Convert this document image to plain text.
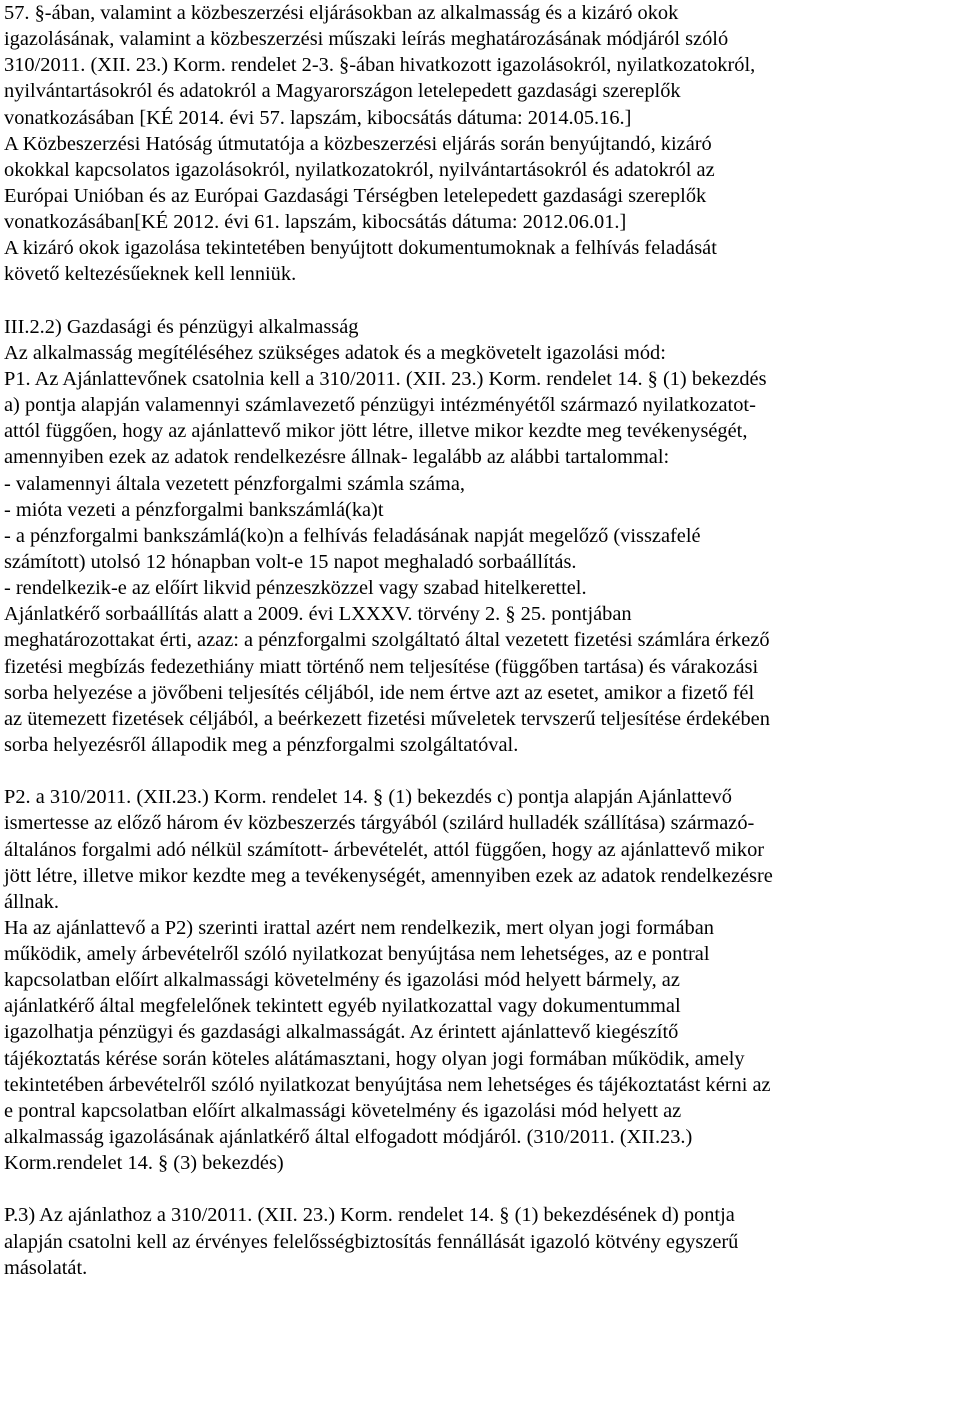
57. §-ában, valamint a közbeszerzési eljárásokban az alkalmasság és a kizáró okok
igazolásának, valamint a közbeszerzési műszaki leírás meghatározásának módjáról szóló
310/2011. (XII. 23.) Korm. rendelet 2-3. §-ában hivatkozott igazolásokról, nyilatkozatokról,
nyilvántartásokról és adatokról a Magyarországon letelepedett gazdasági szereplők
vonatkozásában [KÉ 2014. évi 57. lapszám, kibocsátás dátuma: 2014.05.16.]
A Közbeszerzési Hatóság útmutatója a közbeszerzési eljárás során benyújtandó, kizáró
okokkal kapcsolatos igazolásokról, nyilatkozatokról, nyilvántartásokról és adatokról az
Európai Unióban és az Európai Gazdasági Térségben letelepedett gazdasági szereplők
vonatkozásában[KÉ 2012. évi 61. lapszám, kibocsátás dátuma: 2012.06.01.]
A kizáró okok igazolása tekintetében benyújtott dokumentumoknak a felhívás feladását
követő keltezésűeknek kell lenniük.
III.2.2) Gazdasági és pénzügyi alkalmasság
Az alkalmasság megítéléséhez szükséges adatok és a megkövetelt igazolási mód:
P1. Az Ajánlattevőnek csatolnia kell a 310/2011. (XII. 23.) Korm. rendelet 14. § (1) bekezdés
a) pontja alapján valamennyi számlavezető pénzügyi intézményétől származó nyilatkozatot-
attól függően, hogy az ajánlattevő mikor jött létre, illetve mikor kezdte meg tevékenységét,
amennyiben ezek az adatok rendelkezésre állnak- legalább az alábbi tartalommal:
- valamennyi általa vezetett pénzforgalmi számla száma,
- mióta vezeti a pénzforgalmi bankszámlá(ka)t
- a pénzforgalmi bankszámlá(ko)n a felhívás feladásának napját megelőző (visszafelé
számított) utolsó 12 hónapban volt-e 15 napot meghaladó sorbaállítás.
- rendelkezik-e az előírt likvid pénzeszközzel vagy szabad hitelkerettel.
Ajánlatkérő sorbaállítás alatt a 2009. évi LXXXV. törvény 2. § 25. pontjában
meghatározottakat érti, azaz: a pénzforgalmi szolgáltató által vezetett fizetési számlára érkező
fizetési megbízás fedezethiány miatt történő nem teljesítése (függőben tartása) és várakozási
sorba helyezése a jövőbeni teljesítés céljából, ide nem értve azt az esetet, amikor a fizető fél
az ütemezett fizetések céljából, a beérkezett fizetési műveletek tervszerű teljesítése érdekében
sorba helyezésről állapodik meg a pénzforgalmi szolgáltatóval.
P2. a 310/2011. (XII.23.) Korm. rendelet 14. § (1) bekezdés c) pontja alapján Ajánlattevő
ismertesse az előző három év közbeszerzés tárgyából (szilárd hulladék szállítása) származó-
általános forgalmi adó nélkül számított- árbevételét, attól függően, hogy az ajánlattevő mikor
jött létre, illetve mikor kezdte meg a tevékenységét, amennyiben ezek az adatok rendelkezésre
állnak.
Ha az ajánlattevő a P2) szerinti irattal azért nem rendelkezik, mert olyan jogi formában
működik, amely árbevételről szóló nyilatkozat benyújtása nem lehetséges, az e pontral
kapcsolatban előírt alkalmassági követelmény és igazolási mód helyett bármely, az
ajánlatkérő által megfelelőnek tekintett egyéb nyilatkozattal vagy dokumentummal
igazolhatja pénzügyi és gazdasági alkalmasságát. Az érintett ajánlattevő kiegészítő
tájékoztatás kérése során köteles alátámasztani, hogy olyan jogi formában működik, amely
tekintetében árbevételről szóló nyilatkozat benyújtása nem lehetséges és tájékoztatást kérni az
e pontral kapcsolatban előírt alkalmassági követelmény és igazolási mód helyett az
alkalmasság igazolásának ajánlatkérő által elfogadott módjáról. (310/2011. (XII.23.)
Korm.rendelet 14. § (3) bekezdés)
P.3) Az ajánlathoz a 310/2011. (XII. 23.) Korm. rendelet 14. § (1) bekezdésének d) pontja
alapján csatolni kell az érvényes felelősségbiztosítás fennállását igazoló kötvény egyszerű
másolatát.
